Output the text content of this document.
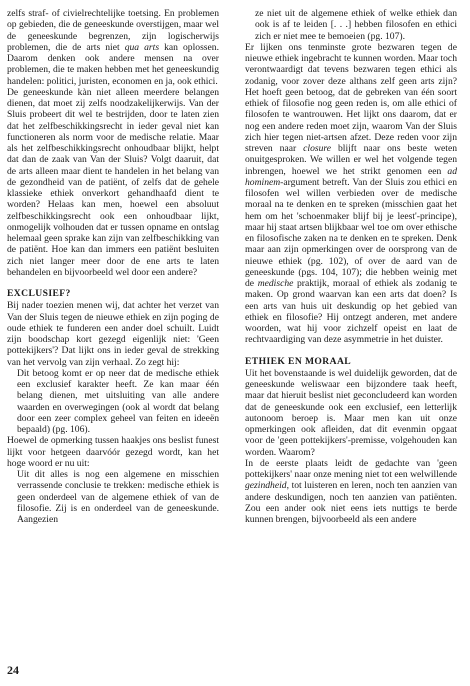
zelfs straf- of civielrechtelijke toetsing. En problemen op gebieden, die de geneeskunde overstijgen, maar wel de geneeskunde begrenzen, zijn logischerwijs problemen, die de arts niet qua arts kan oplossen. Daarom denken ook andere mensen na over problemen, die te maken hebben met het geneeskundig handelen: politici, juristen, economen en ja, ook ethici.

De geneeskunde kàn niet alleen meerdere belangen dienen, dat moet zij zelfs noodzakelijkerwijs. Van der Sluis probeert dit wel te bestrijden, door te laten zien dat het zelfbeschikkingsrecht in ieder geval niet kan functioneren als norm voor de medische relatie. Maar als het zelfbeschikkingsrecht onhoudbaar blijkt, helpt dat dan de zaak van Van der Sluis? Volgt daaruit, dat de arts alleen maar dient te handelen in het belang van de gezondheid van de patiënt, of zelfs dat de gehele klassieke ethiek onverkort gehandhaafd dient te worden? Helaas kan men, hoewel een absoluut zelfbeschikkingsrecht ook een onhoudbaar lijkt, onmogelijk volhouden dat er tussen opname en ontslag helemaal geen sprake kan zijn van zelfbeschikking van de patiënt. Hoe kan dan immers een patiënt besluiten zich niet langer meer door de ene arts te laten behandelen en bijvoorbeeld wel door een andere?

EXCLUSIEF?

Bij nader toezien menen wij, dat achter het verzet van Van der Sluis tegen de nieuwe ethiek en zijn poging de oude ethiek te funderen een ander doel schuilt. Luidt zijn boodschap kort gezegd eigenlijk niet: 'Geen pottekijkers'? Dat lijkt ons in ieder geval de strekking van het vervolg van zijn verhaal. Zo zegt hij:

Dit betoog komt er op neer dat de medische ethiek een exclusief karakter heeft. Ze kan maar één belang dienen, met uitsluiting van alle andere waarden en overwegingen (ook al wordt dat belang door een zeer complex geheel van feiten en ideeën bepaald) (pg. 106).

Hoewel de opmerking tussen haakjes ons beslist funest lijkt voor hetgeen daarvóór gezegd wordt, kan het hoge woord er nu uit:

Uit dit alles is nog een algemene en misschien verrassende conclusie te trekken: medische ethiek is geen onderdeel van de algemene ethiek of van de filosofie. Zij is en onderdeel van de geneeskunde. Aangezien
ze niet uit de algemene ethiek of welke ethiek dan ook is af te leiden [. . .] hebben filosofen en ethici zich er niet mee te bemoeien (pg. 107).

Er lijken ons tenminste grote bezwaren tegen de nieuwe ethiek ingebracht te kunnen worden. Maar toch verontwaardigt dat tevens bezwaren tegen ethici als zodanig, voor zover deze althans zelf geen arts zijn? Het hoeft geen betoog, dat de gebreken van één soort ethiek of filosofie nog geen reden is, om alle ethici of filosofen te wantrouwen. Het lijkt ons daarom, dat er nog een andere reden moet zijn, waarom Van der Sluis zich hier tegen niet-artsen afzet. Deze reden voor zijn streven naar closure blijft naar ons beste weten onuitgesproken. We willen er wel het volgende tegen inbrengen, hoewel we het strikt genomen een ad hominem-argument betreft. Van der Sluis zou ethici en filosofen wel willen verbieden over de medische moraal na te denken en te spreken (misschien gaat het hem om het 'schoenmaker blijf bij je leest'-principe), maar hij staat artsen blijkbaar wel toe om over ethische en filosofische zaken na te denken en te spreken. Denk maar aan zijn opmerkingen over de oorsprong van de nieuwe ethiek (pg. 102), of over de aard van de geneeskunde (pgs. 104, 107); die hebben weinig met de medische praktijk, moraal of ethiek als zodanig te maken. Op grond waarvan kan een arts dat doen? Is een arts van huis uit deskundig op het gebied van ethiek en filosofie? Hij ontzegt anderen, met andere woorden, wat hij voor zichzelf opeist en laat de rechtvaardiging van deze asymmetrie in het duister.

ETHIEK EN MORAAL

Uit het bovenstaande is wel duidelijk geworden, dat de geneeskunde weliswaar een bijzondere taak heeft, maar dat hieruit beslist niet geconcludeerd kan worden dat de geneeskunde ook een exclusief, een letterlijk autonoom beroep is. Maar men kan uit onze opmerkingen ook afleiden, dat dit evenmin opgaat voor de 'geen pottekijkers'-premisse, volgehouden kan worden. Waarom?

In de eerste plaats leidt de gedachte van 'geen pottekijkers' naar onze mening niet tot een welwillende gezindheid, tot luisteren en leren, noch ten aanzien van andere deskundigen, noch ten aanzien van patiënten. Zou een ander ook niet eens iets nuttigs te berde kunnen brengen, bijvoorbeeld als een andere

24
